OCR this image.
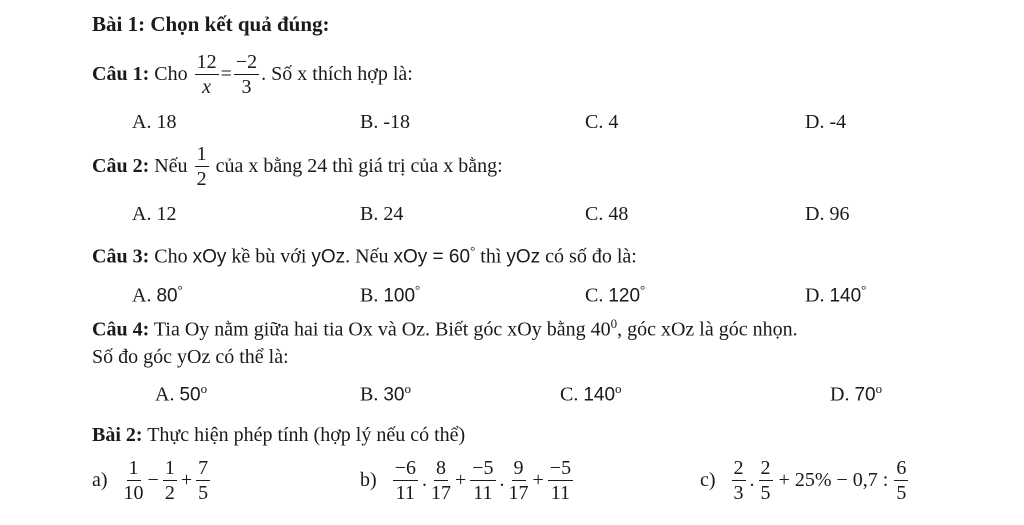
Bài 1: Chọn kết quả đúng:
Câu 1:
Cho
$\frac{12}{x} = \frac{-2}{3}$ . Số x thích hợp là:
A. 18	B. -18	C. 4	D. -4
Câu 2:
Nếu
$\frac{1}{2}$
của x bằng 24 thì giá trị của x bằng:
A. 12	B. 24	C. 48	D. 96
Câu 3: Cho xOy kề bù với yOz. Nếu xOy = 60° thì yOz có số đo là:
A. 80°	B. 100°	C. 120°	D. 140°
Câu 4: Tia Oy nằm giữa hai tia Ox và Oz. Biết góc xOy bằng $40^0$, góc xOz là góc nhọn.
Số đo góc yOz có thể là:
A. 50$^o$	B. 30$^o$	C. 140$^o$	D. 70$^o$
Bài 2: Thực hiện phép tính (hợp lý nếu có thể)
$a) \frac{1}{10} - \frac{1}{2} + \frac{7}{5}$	$b) \frac{-6}{11}$ . $\frac{8}{17} + \frac{-5}{11}$ . $\frac{9}{17} + \frac{-5}{11}$	$c) \frac{2}{3}$ . $\frac{2}{5} + 25\% - 0,7$ : $\frac{6}{5}$
